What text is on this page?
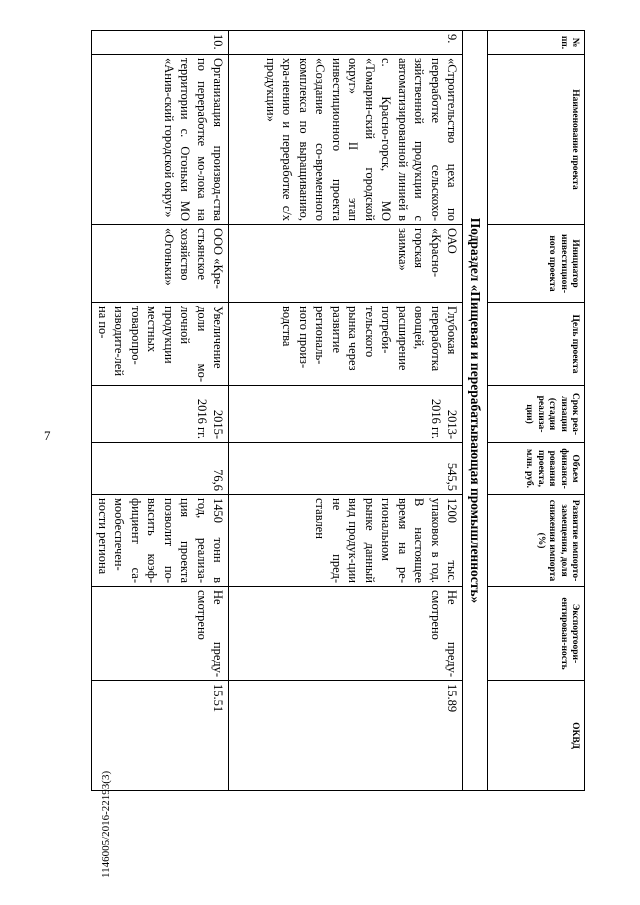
7
1146005/2016-22193(3)
№ пп.	Наименование проекта	Инициатор инвестицион-ного проекта	Цель проекта	Срок реа-лизации (стадия реализа-ции)	Объем финанси-рования проекта, млн. руб.	Развитие импорто-замещения, доля снижения импорта (%)	Экспортоори-ентирован-ность	ОКВД
Подраздел «Пищевая и перерабатывающая промышленность»								
9.	«Строительство цеха по переработке сельскохо-зяйственной продукции с автоматизированной линией в с. Красно-горск, МО «Томарин-ский городской округ» II этап инвестиционного проекта «Создание со-временного комплекса по выращиванию, хра-нению и переработке с/х продукции»	ОАО «Красно-горская заимка»	Глубокая переработка овощей, расширение потреби-тельского рынка через развитие региональ-ного произ-водства	2013-2016 гг.	545,5	1200 тыс. упаковок в год. В настоящее время на ре-гиональном рынке данный вид продук-ции не пред-ставлен	Не преду-смотрено	15.89
10.	Организация производ-ства по переработке мо-лока на территории с. Огоньки МО «Анив-ский городской округ»	ООО «Кре-стьянское хозяйство «Огоньки»	Увеличение доли мо-лочной продукции местных товаропро-изводите-лей на по-	2015-2016 гг.	76,6	1450 тонн в год, реализа-ция проекта позволит по-высить коэф-фициент са-мообеспечен-ности региона	Не преду-смотрено	15.51
